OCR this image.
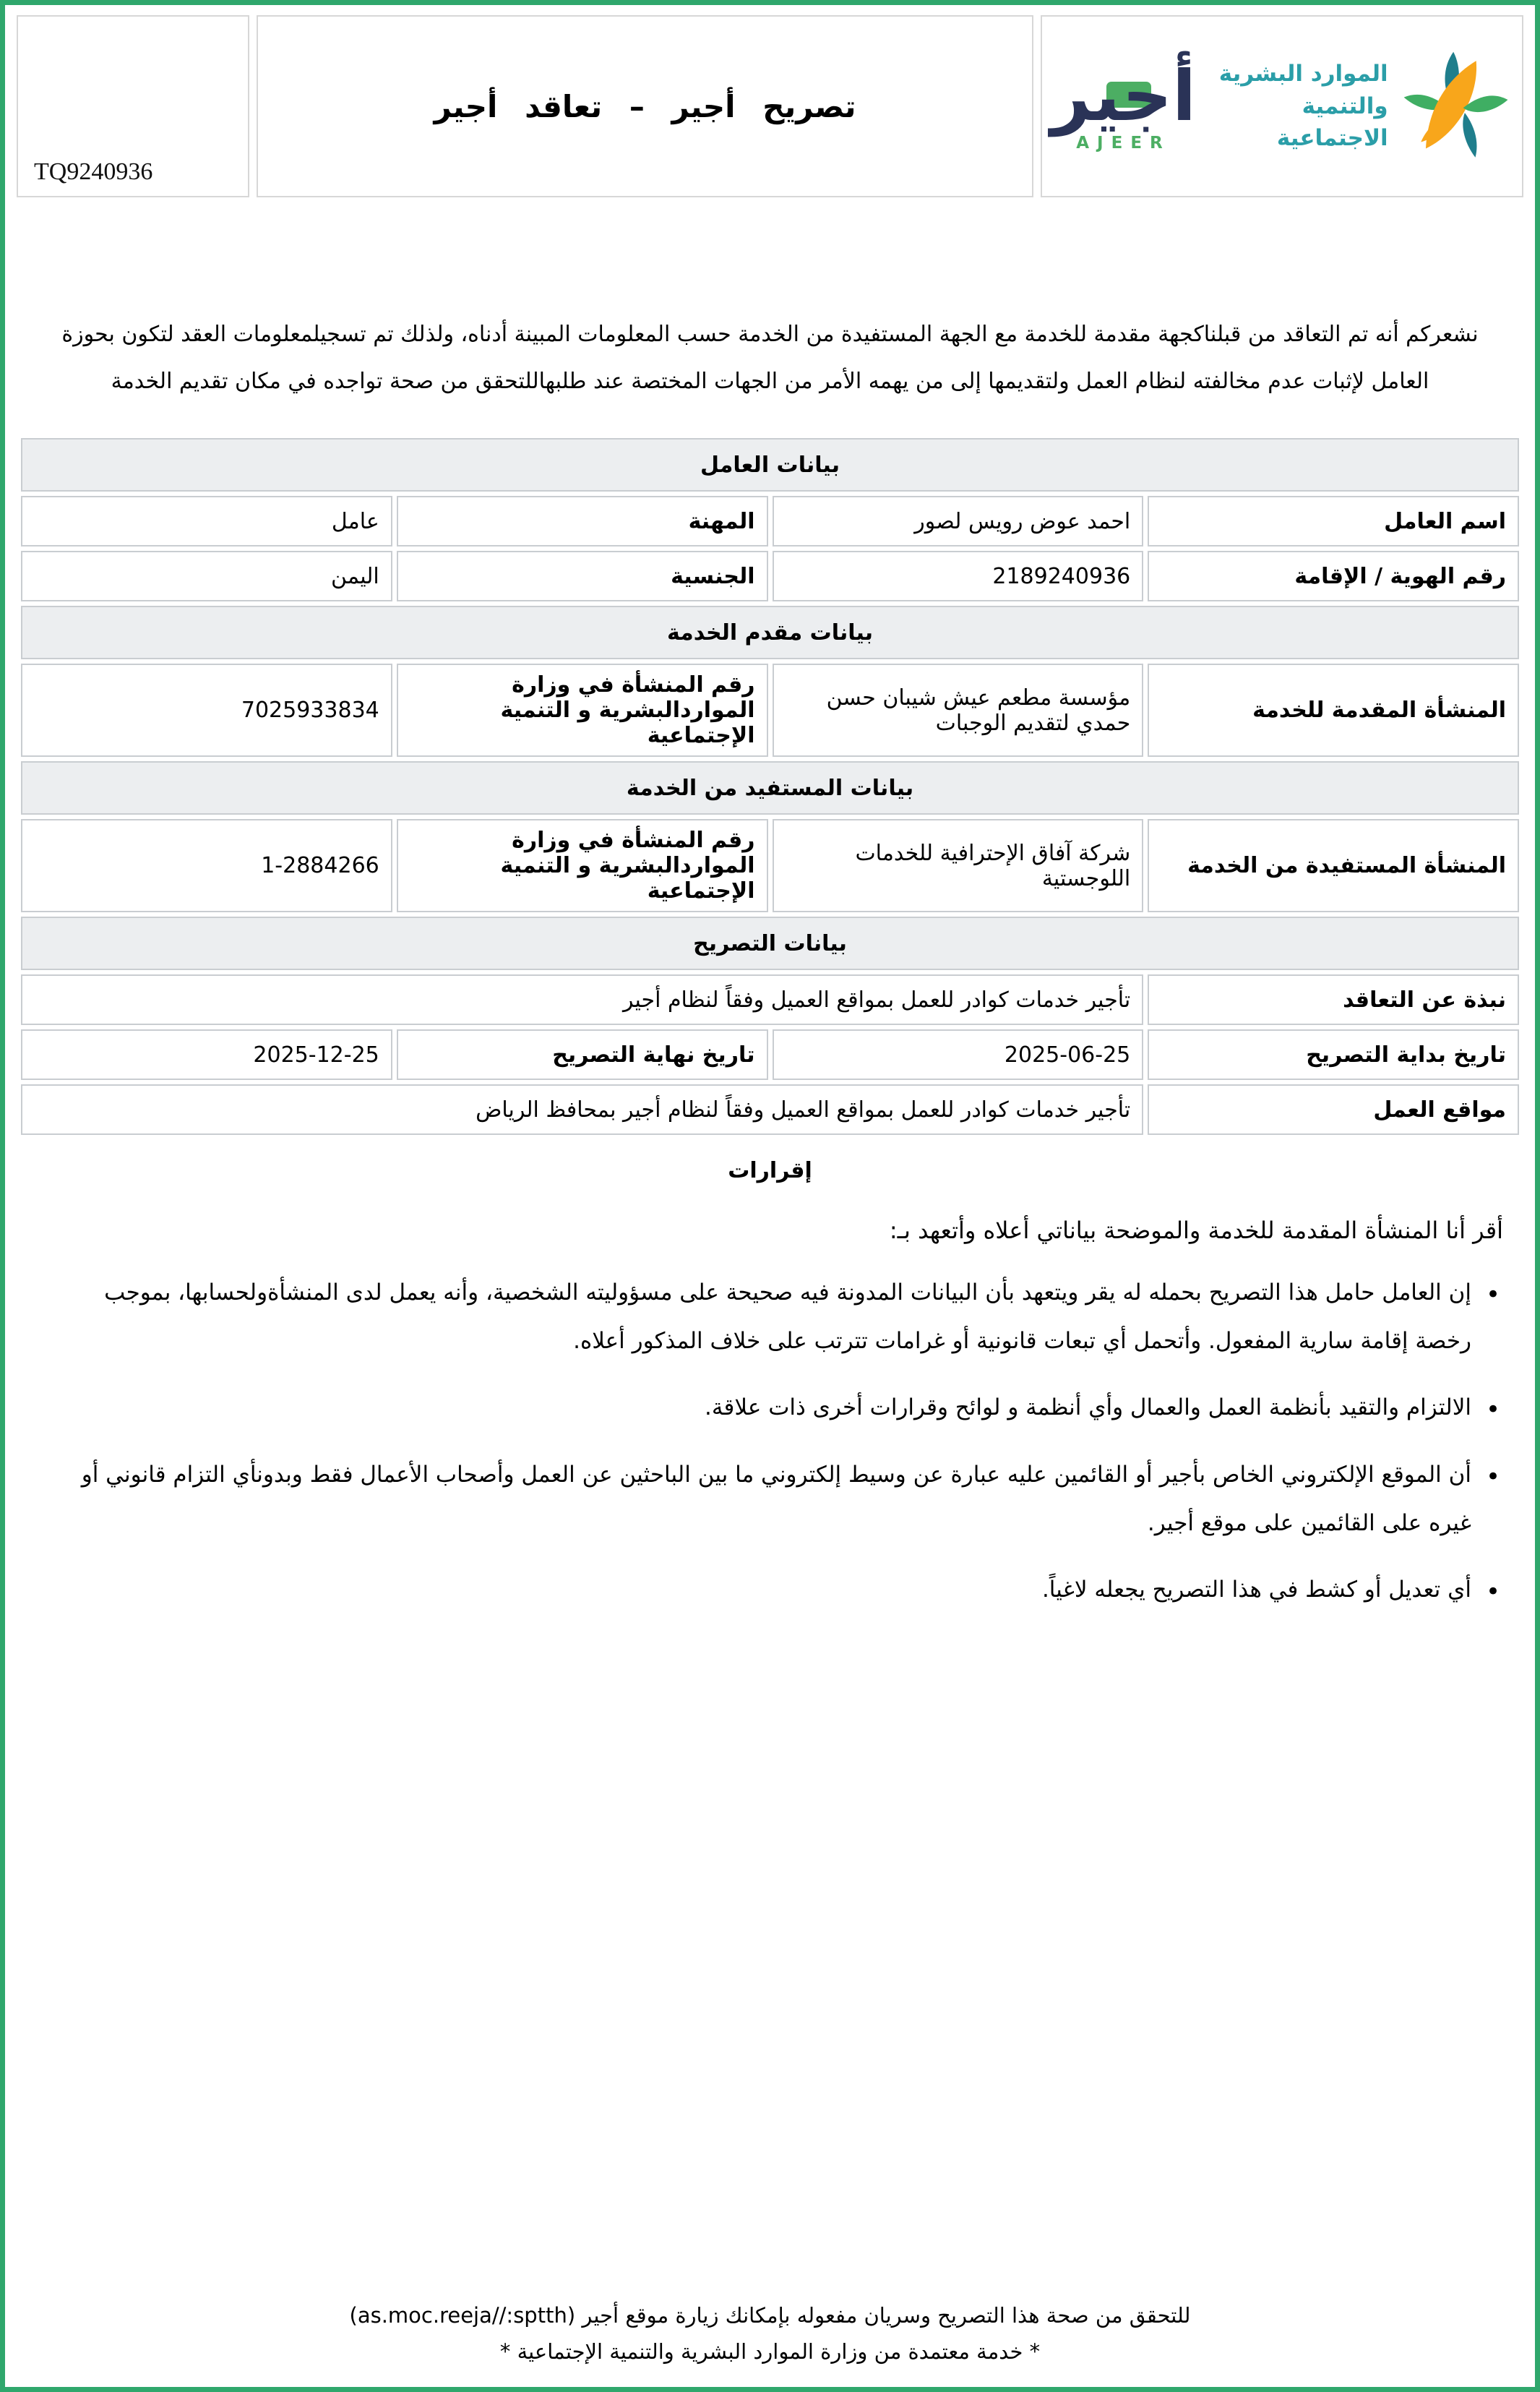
TQ9240936
تصريح أجير – تعاقد أجير	أجير
AJEER
الموارد البشرية
والتنمية الاجتماعية
نشعركم أنه تم التعاقد من قبلناكجهة مقدمة للخدمة مع الجهة المستفيدة من الخدمة حسب المعلومات المبينة أدناه، ولذلك تم تسجيلمعلومات العقد لتكون بحوزة العامل لإثبات عدم مخالفته لنظام العمل ولتقديمها إلى من يهمه الأمر من الجهات المختصة عند طلبهاللتحقق من صحة تواجده في مكان تقديم الخدمة
بيانات العامل			
اسم العامل	احمد عوض رويس لصور	المهنة	عامل
رقم الهوية / الإقامة	2189240936	الجنسية	اليمن
بيانات مقدم الخدمة			
المنشأة المقدمة للخدمة	مؤسسة مطعم عيش شيبان حسن حمدي لتقديم الوجبات	رقم المنشأة في وزارة المواردالبشرية و التنمية الإجتماعية	7025933834
بيانات المستفيد من الخدمة			
المنشأة المستفيدة من الخدمة	شركة آفاق الإحترافية للخدمات اللوجستية	رقم المنشأة في وزارة المواردالبشرية و التنمية الإجتماعية	1-2884266
بيانات التصريح			
نبذة عن التعاقد	تأجير خدمات كوادر للعمل بمواقع العميل وفقاً لنظام أجير		
تاريخ بداية التصريح	2025-06-25	تاريخ نهاية التصريح	2025-12-25
مواقع العمل	تأجير خدمات كوادر للعمل بمواقع العميل وفقاً لنظام أجير بمحافظ الرياض		
إقرارات
أقر أنا المنشأة المقدمة للخدمة والموضحة بياناتي أعلاه وأتعهد بـ:
• إن العامل حامل هذا التصريح بحمله له يقر ويتعهد بأن البيانات المدونة فيه صحيحة على مسؤوليته الشخصية، وأنه يعمل لدى المنشأةولحسابها، بموجب رخصة إقامة سارية المفعول. وأتحمل أي تبعات قانونية أو غرامات تترتب على خلاف المذكور أعلاه.
• الالتزام والتقيد بأنظمة العمل والعمال وأي أنظمة و لوائح وقرارات أخرى ذات علاقة.
• أن الموقع الإلكتروني الخاص بأجير أو القائمين عليه عبارة عن وسيط إلكتروني ما بين الباحثين عن العمل وأصحاب الأعمال فقط وبدونأي التزام قانوني أو غيره على القائمين على موقع أجير.
• أي تعديل أو كشط في هذا التصريح يجعله لاغياً.
للتحقق من صحة هذا التصريح وسريان مفعوله بإمكانك زيارة موقع أجير (as.moc.reeja//:sptth)
* خدمة معتمدة من وزارة الموارد البشرية والتنمية الإجتماعية *
